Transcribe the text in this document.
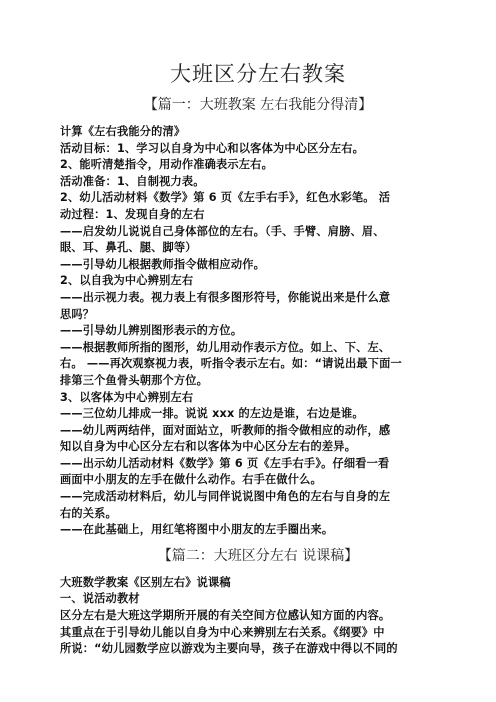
大班区分左右教案
【篇一：大班教案 左右我能分得清】

计算《左右我能分的清》

活动目标：1、学习以自身为中心和以客体为中心区分左右。

2、能听清楚指令，用动作准确表示左右。

活动准备：1、自制视力表。

2、幼儿活动材料《数学》第 6 页《左手右手》，红色水彩笔。 活

动过程：1、发现自身的左右

——启发幼儿说说自己身体部位的左右。（手、手臂、肩膀、眉、

眼、耳、鼻孔、腿、脚等）

——引导幼儿根据教师指令做相应动作。

2、以自我为中心辨别左右

——出示视力表。视力表上有很多图形符号，你能说出来是什么意

思吗？

——引导幼儿辨别图形表示的方位。

——根据教师所指的图形，幼儿用动作表示方位。如上、下、左、

右。 ——再次观察视力表，听指令表示左右。如：“请说出最下面一

排第三个鱼骨头朝那个方位。

3、以客体为中心辨别左右

——三位幼儿排成一排。说说 xxx 的左边是谁，右边是谁。

——幼儿两两结伴，面对面站立，听教师的指令做相应的动作，感

知以自身为中心区分左右和以客体为中心区分左右的差异。

——出示幼儿活动材料《数学》第 6 页《左手右手》。仔细看一看

画面中小朋友的左手在做什么动作。右手在做什么。

——完成活动材料后，幼儿与同伴说说图中角色的左右与自身的左

右的关系。

——在此基础上，用红笔将图中小朋友的左手圈出来。

【篇二：大班区分左右 说课稿】

大班数学教案《区别左右》说课稿

一、说活动教材

区分左右是大班这学期所开展的有关空间方位感认知方面的内容。

其重点在于引导幼儿能以自身为中心来辨别左右关系。《纲要》中

所说：“幼儿园数学应以游戏为主要向导，孩子在游戏中得以不同的
